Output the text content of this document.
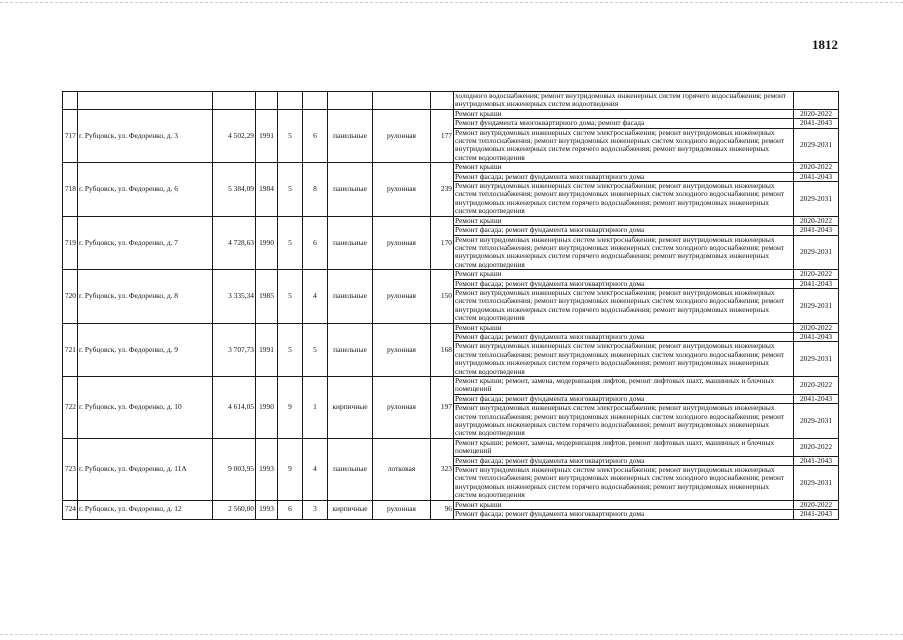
1812
									холодного водоснабжения; ремонт внутридомовых инженерных систем горячего водоснабжения; ремонт внутридомовых инженерных систем водоотведения	
717	г. Рубцовск, ул. Федоренко, д. 3	4 502,29	1991	5	6	панельные	рулонная	177	Ремонт крыши	2020-2022
									Ремонт фундамента многоквартирного дома; ремонт фасада	2041-2043
									Ремонт внутридомовых инженерных систем электроснабжения; ремонт внутридомовых инженерных систем теплоснабжения; ремонт внутридомовых инженерных систем холодного водоснабжения; ремонт внутридомовых инженерных систем горячего водоснабжения; ремонт внутридомовых инженерных систем водоотведения	2029-2031
718	г. Рубцовск, ул. Федоренко, д. 6	5 384,09	1984	5	8	панельные	рулонная	239	Ремонт крыши	2020-2022
									Ремонт фасада; ремонт фундамента многоквартирного дома	2041-2043
									Ремонт внутридомовых инженерных систем электроснабжения; ремонт внутридомовых инженерных систем теплоснабжения; ремонт внутридомовых инженерных систем холодного водоснабжения; ремонт внутридомовых инженерных систем горячего водоснабжения; ремонт внутридомовых инженерных систем водоотведения	2029-2031
719	г. Рубцовск, ул. Федоренко, д. 7	4 728,63	1990	5	6	панельные	рулонная	170	Ремонт крыши	2020-2022
									Ремонт фасада; ремонт фундамента многоквартирного дома	2041-2043
									Ремонт внутридомовых инженерных систем электроснабжения; ремонт внутридомовых инженерных систем теплоснабжения; ремонт внутридомовых инженерных систем холодного водоснабжения; ремонт внутридомовых инженерных систем горячего водоснабжения; ремонт внутридомовых инженерных систем водоотведения	2029-2031
720	г. Рубцовск, ул. Федоренко, д. 8	3 335,34	1985	5	4	панельные	рулонная	150	Ремонт крыши	2020-2022
									Ремонт фасада; ремонт фундамента многоквартирного дома	2041-2043
									Ремонт внутридомовых инженерных систем электроснабжения; ремонт внутридомовых инженерных систем теплоснабжения; ремонт внутридомовых инженерных систем холодного водоснабжения; ремонт внутридомовых инженерных систем горячего водоснабжения; ремонт внутридомовых инженерных систем водоотведения	2029-2031
721	г. Рубцовск, ул. Федоренко, д. 9	3 707,73	1991	5	5	панельные	рулонная	168	Ремонт крыши	2020-2022
									Ремонт фасада; ремонт фундамента многоквартирного дома	2041-2043
									Ремонт внутридомовых инженерных систем электроснабжения; ремонт внутридомовых инженерных систем теплоснабжения; ремонт внутридомовых инженерных систем холодного водоснабжения; ремонт внутридомовых инженерных систем горячего водоснабжения; ремонт внутридомовых инженерных систем водоотведения	2029-2031
722	г. Рубцовск, ул. Федоренко, д. 10	4 614,05	1990	9	1	кирпичные	рулонная	197	Ремонт крыши; ремонт, замена, модернизация лифтов, ремонт лифтовых шахт, машинных и блочных помещений	2020-2022
									Ремонт фасада; ремонт фундамента многоквартирного дома	2041-2043
									Ремонт внутридомовых инженерных систем электроснабжения; ремонт внутридомовых инженерных систем теплоснабжения; ремонт внутридомовых инженерных систем холодного водоснабжения; ремонт внутридомовых инженерных систем горячего водоснабжения; ремонт внутридомовых инженерных систем водоотведения	2029-2031
723	г. Рубцовск, ул. Федоренко, д. 11А	9 003,95	1993	9	4	панельные	лотковая	323	Ремонт крыши; ремонт, замена, модернизация лифтов, ремонт лифтовых шахт, машинных и блочных помещений	2020-2022
									Ремонт фасада; ремонт фундамента многоквартирного дома	2041-2043
									Ремонт внутридомовых инженерных систем электроснабжения; ремонт внутридомовых инженерных систем теплоснабжения; ремонт внутридомовых инженерных систем холодного водоснабжения; ремонт внутридомовых инженерных систем горячего водоснабжения; ремонт внутридомовых инженерных систем водоотведения	2029-2031
724	г. Рубцовск, ул. Федоренко, д. 12	2 560,00	1993	6	3	кирпичные	рулонная	96	Ремонт крыши	2020-2022
									Ремонт фасада; ремонт фундамента многоквартирного дома	2041-2043
